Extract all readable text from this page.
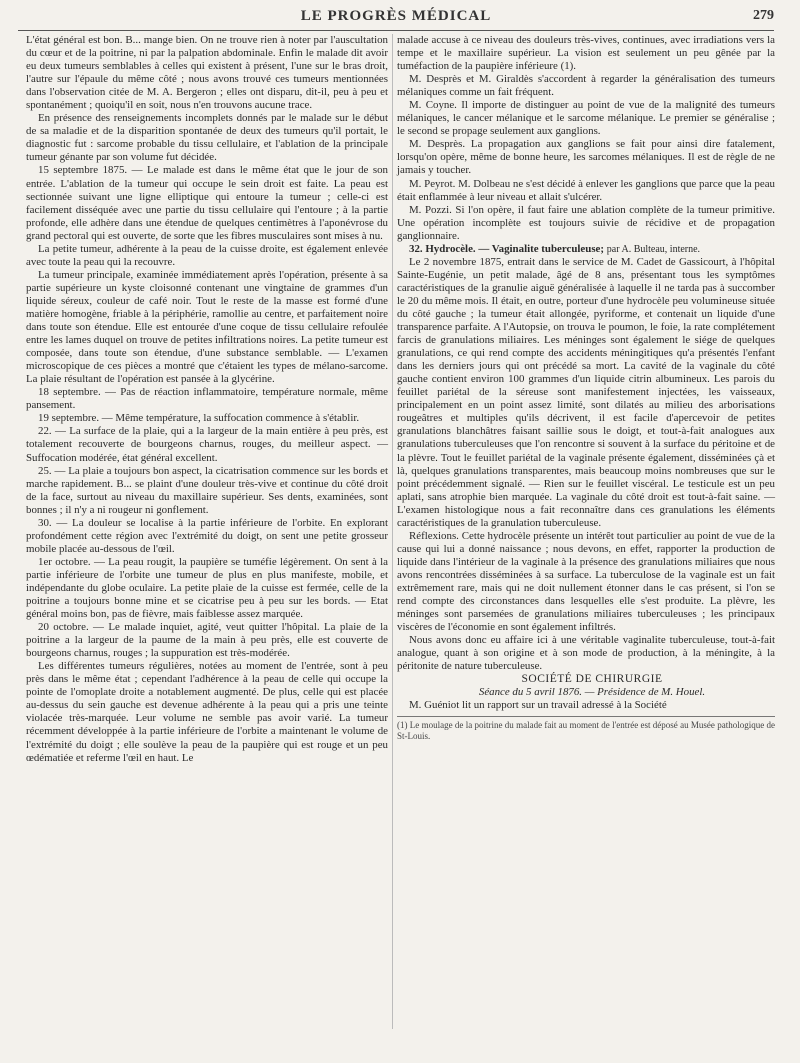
LE PROGRÈS MÉDICAL	279

L'état général est bon. B... mange bien. On ne trouve rien à noter par l'auscultation du cœur et de la poitrine, ni par la palpation abdominale. Enfin le malade dit avoir eu deux tumeurs semblables à celles qui existent à présent, l'une sur le bras droit, l'autre sur l'épaule du même côté ; nous avons trouvé ces tumeurs mentionnées dans l'observation citée de M. A. Bergeron ; elles ont disparu, dit-il, peu à peu et spontanément ; quoiqu'il en soit, nous n'en trouvons aucune trace.

En présence des renseignements incomplets donnés par le malade sur le début de sa maladie et de la disparition spontanée de deux des tumeurs qu'il portait, le diagnostic fut : sarcome probable du tissu cellulaire, et l'ablation de la principale tumeur génante par son volume fut décidée.

15 septembre 1875. — Le malade est dans le même état que le jour de son entrée. L'ablation de la tumeur qui occupe le sein droit est faite. La peau est sectionnée suivant une ligne elliptique qui entoure la tumeur ; celle-ci est facilement disséquée avec une partie du tissu cellulaire qui l'entoure ; à la partie profonde, elle adhère dans une étendue de quelques centimètres à l'aponévrose du grand pectoral qui est ouverte, de sorte que les fibres musculaires sont mises à nu.

La petite tumeur, adhérente à la peau de la cuisse droite, est également enlevée avec toute la peau qui la recouvre.

La tumeur principale, examinée immédiatement après l'opération, présente à sa partie supérieure un kyste cloisonné contenant une vingtaine de grammes d'un liquide séreux, couleur de café noir. Tout le reste de la masse est formé d'une matière homogène, friable à la périphérie, ramollie au centre, et parfaitement noire dans toute son étendue. Elle est entourée d'une coque de tissu cellulaire refoulée entre les lames duquel on trouve de petites infiltrations noires. La petite tumeur est composée, dans toute son étendue, d'une substance semblable. — L'examen microscopique de ces pièces a montré que c'étaient les types de mélano-sarcome. La plaie résultant de l'opération est pansée à la glycérine.

18 septembre. — Pas de réaction inflammatoire, température normale, même pansement.

19 septembre. — Même température, la suffocation commence à s'établir.

22. — La surface de la plaie, qui a la largeur de la main entière à peu près, est totalement recouverte de bourgeons charnus, rouges, du meilleur aspect. — Suffocation modérée, état général excellent.

25. — La plaie a toujours bon aspect, la cicatrisation commence sur les bords et marche rapidement. B... se plaint d'une douleur très-vive et continue du côté droit de la face, surtout au niveau du maxillaire supérieur. Ses dents, examinées, sont bonnes ; il n'y a ni rougeur ni gonflement.

30. — La douleur se localise à la partie inférieure de l'orbite. En explorant profondément cette région avec l'extrémité du doigt, on sent une petite grosseur mobile placée au-dessous de l'œil.

1er octobre. — La peau rougit, la paupière se tuméfie légèrement. On sent à la partie inférieure de l'orbite une tumeur de plus en plus manifeste, mobile, et indépendante du globe oculaire. La petite plaie de la cuisse est fermée, celle de la poitrine a toujours bonne mine et se cicatrise peu à peu sur les bords. — Etat général moins bon, pas de fièvre, mais faiblesse assez marquée.

20 octobre. — Le malade inquiet, agité, veut quitter l'hôpital. La plaie de la poitrine a la largeur de la paume de la main à peu près, elle est couverte de bourgeons charnus, rouges ; la suppuration est très-modérée.

Les différentes tumeurs régulières, notées au moment de l'entrée, sont à peu près dans le même état ; cependant l'adhérence à la peau de celle qui occupe la pointe de l'omoplate droite a notablement augmenté. De plus, celle qui est placée au-dessus du sein gauche est devenue adhérente à la peau qui a pris une teinte violacée très-marquée. Leur volume ne semble pas avoir varié. La tumeur récemment développée à la partie inférieure de l'orbite a maintenant le volume de l'extrémité du doigt ; elle soulève la peau de la paupière qui est rouge et un peu œdématiée et referme l'œil en haut. Le

malade accuse à ce niveau des douleurs très-vives, continues, avec irradiations vers la tempe et le maxillaire supérieur. La vision est seulement un peu gênée par la tuméfaction de la paupière inférieure (1).

M. Desprès et M. Giraldès s'accordent à regarder la généralisation des tumeurs mélaniques comme un fait fréquent.

M. Coyne. Il importe de distinguer au point de vue de la malignité des tumeurs mélaniques, le cancer mélanique et le sarcome mélanique. Le premier se généralise ; le second se propage seulement aux ganglions.

M. Desprès. La propagation aux ganglions se fait pour ainsi dire fatalement, lorsqu'on opère, même de bonne heure, les sarcomes mélaniques. Il est de règle de ne jamais y toucher.

M. Peyrot. M. Dolbeau ne s'est décidé à enlever les ganglions que parce que la peau était enflammée à leur niveau et allait s'ulcérer.

M. Pozzi. Si l'on opère, il faut faire une ablation complète de la tumeur primitive. Une opération incomplète est toujours suivie de récidive et de propagation ganglionnaire.

32. Hydrocèle. — Vaginalite tuberculeuse; par A. Bulteau, interne.

Le 2 novembre 1875, entrait dans le service de M. Cadet de Gassicourt, à l'hôpital Sainte-Eugénie, un petit malade, âgé de 8 ans, présentant tous les symptômes caractéristiques de la granulie aiguë généralisée à laquelle il ne tarda pas à succomber le 20 du même mois. Il était, en outre, porteur d'une hydrocèle peu volumineuse située du côté gauche ; la tumeur était allongée, pyriforme, et contenait un liquide d'une transparence parfaite. A l'Autopsie, on trouva le poumon, le foie, la rate complétement farcis de granulations miliaires. Les méninges sont également le siége de quelques granulations, ce qui rend compte des accidents méningitiques qu'a présentés l'enfant dans les derniers jours qui ont précédé sa mort. La cavité de la vaginale du côté gauche contient environ 100 grammes d'un liquide citrin albumineux. Les parois du feuillet pariétal de la séreuse sont manifestement injectées, les vaisseaux, principalement en un point assez limité, sont dilatés au milieu des arborisations rougeâtres et multiples qu'ils décrivent, il est facile d'apercevoir de petites granulations blanchâtres faisant saillie sous le doigt, et tout-à-fait analogues aux granulations tuberculeuses que l'on rencontre si souvent à la surface du péritoine et de la plèvre. Tout le feuillet pariétal de la vaginale présente également, disséminées çà et là, quelques granulations transparentes, mais beaucoup moins nombreuses que sur le point précédemment signalé. — Rien sur le feuillet viscéral. Le testicule est un peu aplati, sans atrophie bien marquée. La vaginale du côté droit est tout-à-fait saine. — L'examen histologique nous a fait reconnaître dans ces granulations les éléments caractéristiques de la granulation tuberculeuse.

Réflexions. Cette hydrocèle présente un intérêt tout particulier au point de vue de la cause qui lui a donné naissance ; nous devons, en effet, rapporter la production de liquide dans l'intérieur de la vaginale à la présence des granulations miliaires que nous avons rencontrées disséminées à sa surface. La tuberculose de la vaginale est un fait extrêmement rare, mais qui ne doit nullement étonner dans le cas présent, si l'on se rend compte des circonstances dans lesquelles elle s'est produite. La plèvre, les méninges sont parsemées de granulations miliaires tuberculeuses ; les principaux viscères de l'économie en sont également infiltrés.

Nous avons donc eu affaire ici à une véritable vaginalite tuberculeuse, tout-à-fait analogue, quant à son origine et à son mode de production, à la méningite, à la péritonite de nature tuberculeuse.

SOCIÉTÉ DE CHIRURGIE

Séance du 5 avril 1876. — Présidence de M. Houel.

M. Guéniot lit un rapport sur un travail adressé à la Société

(1) Le moulage de la poitrine du malade fait au moment de l'entrée est déposé au Musée pathologique de St-Louis.
